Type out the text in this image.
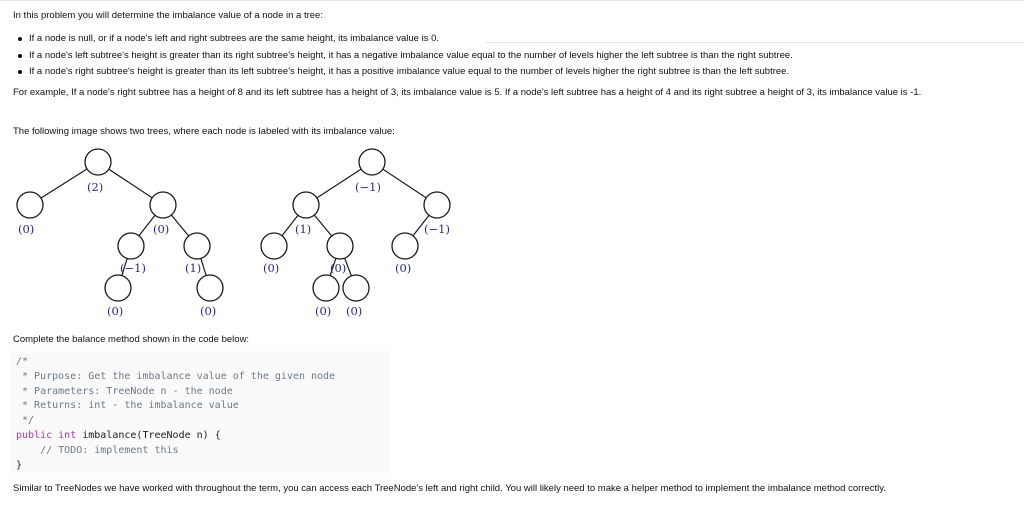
In this problem you will determine the imbalance value of a node in a tree:

If a node is null, or if a node's left and right subtrees are the same height, its imbalance value is 0.
If a node's left subtree's height is greater than its right subtree's height, it has a negative imbalance value equal to the number of levels higher the left subtree is than the right subtree.
If a node's right subtree's height is greater than its left subtree's height, it has a positive imbalance value equal to the number of levels higher the right subtree is than the left subtree.

For example, If a node's right subtree has a height of 8 and its left subtree has a height of 3, its imbalance value is 5. If a node's left subtree has a height of 4 and its right subtree a height of 3, its imbalance value is -1.

The following image shows two trees, where each node is labeled with its imbalance value:

(2)
(0)	(0)
(−1)	(1)
(0)	(0)
(−1)
(1)	(−1)
(0)	(0)	(0)
(0) (0)

Complete the balance method shown in the code below:

/*
* Purpose: Get the imbalance value of the given node
* Parameters: TreeNode n - the node
* Returns: int - the imbalance value
*/
public int imbalance(TreeNode n) {
// TODO: implement this
}

Similar to TreeNodes we have worked with throughout the term, you can access each TreeNode's left and right child. You will likely need to make a helper method to implement the imbalance method correctly.
